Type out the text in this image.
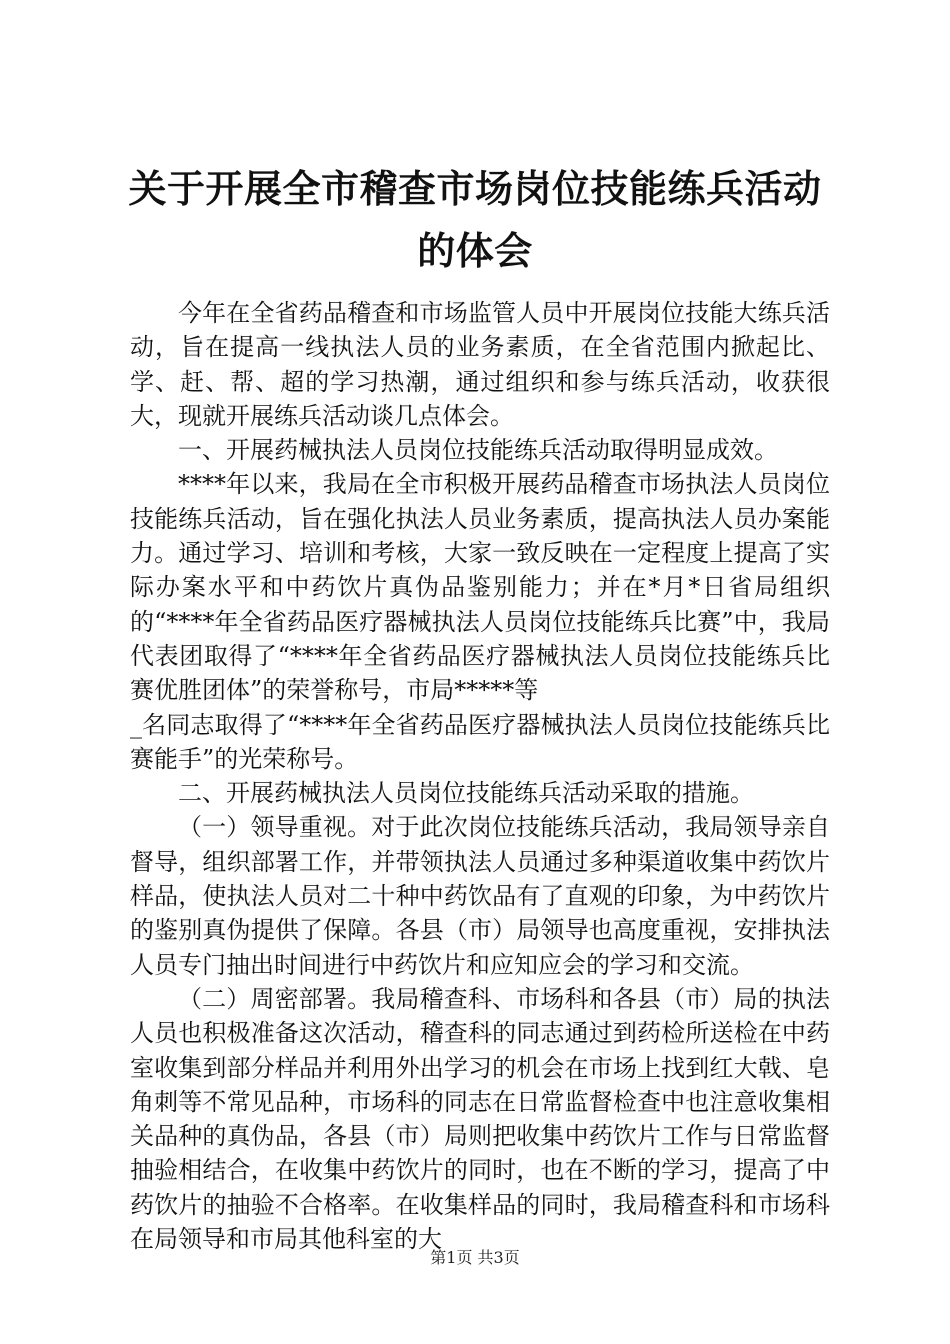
关于开展全市稽查市场岗位技能练兵活动的体会

今年在全省药品稽查和市场监管人员中开展岗位技能大练兵活动，旨在提高一线执法人员的业务素质，在全省范围内掀起比、学、赶、帮、超的学习热潮，通过组织和参与练兵活动，收获很大，现就开展练兵活动谈几点体会。

一、开展药械执法人员岗位技能练兵活动取得明显成效。

****年以来，我局在全市积极开展药品稽查市场执法人员岗位技能练兵活动，旨在强化执法人员业务素质，提高执法人员办案能力。通过学习、培训和考核，大家一致反映在一定程度上提高了实际办案水平和中药饮片真伪品鉴别能力；并在*月*日省局组织的“****年全省药品医疗器械执法人员岗位技能练兵比赛”中，我局代表团取得了“****年全省药品医疗器械执法人员岗位技能练兵比赛优胜团体”的荣誉称号，市局*****等

_名同志取得了“****年全省药品医疗器械执法人员岗位技能练兵比赛能手”的光荣称号。

二、开展药械执法人员岗位技能练兵活动采取的措施。

（一）领导重视。对于此次岗位技能练兵活动，我局领导亲自督导，组织部署工作，并带领执法人员通过多种渠道收集中药饮片样品，使执法人员对二十种中药饮品有了直观的印象，为中药饮片的鉴别真伪提供了保障。各县（市）局领导也高度重视，安排执法人员专门抽出时间进行中药饮片和应知应会的学习和交流。

（二）周密部署。我局稽查科、市场科和各县（市）局的执法人员也积极准备这次活动，稽查科的同志通过到药检所送检在中药室收集到部分样品并利用外出学习的机会在市场上找到红大戟、皂角刺等不常见品种，市场科的同志在日常监督检查中也注意收集相关品种的真伪品，各县（市）局则把收集中药饮片工作与日常监督抽验相结合，在收集中药饮片的同时，也在不断的学习，提高了中药饮片的抽验不合格率。在收集样品的同时，我局稽查科和市场科在局领导和市局其他科室的大

第1页 共3页
